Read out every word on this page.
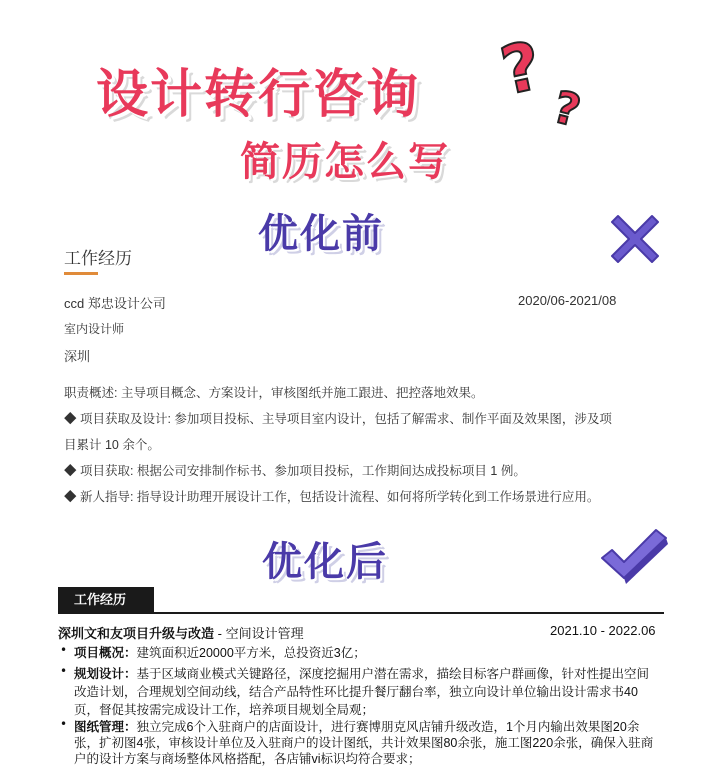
设计转行咨询
简历怎么写
? ?
优化前
工作经历
ccd 郑忠设计公司	2020/06-2021/08
室内设计师
深圳
职责概述: 主导项目概念、方案设计，审核图纸并施工跟进、把控落地效果。
◆ 项目获取及设计: 参加项目投标、主导项目室内设计，包括了解需求、制作平面及效果图，涉及项
目累计 10 余个。
◆ 项目获取: 根据公司安排制作标书、参加项目投标，工作期间达成投标项目 1 例。
◆ 新人指导: 指导设计助理开展设计工作，包括设计流程、如何将所学转化到工作场景进行应用。
优化后
工作经历
深圳文和友项目升级与改造 - 空间设计管理	2021.10 - 2022.06
• 项目概况：建筑面积近20000平方米，总投资近3亿；
• 规划设计：基于区域商业模式关键路径，深度挖掘用户潜在需求，描绘目标客户群画像，针对性提出空间
改造计划，合理规划空间动线，结合产品特性环比提升餐厅翻台率，独立向设计单位输出设计需求书40
页，督促其按需完成设计工作，培养项目规划全局观；
• 图纸管理：独立完成6个入驻商户的店面设计，进行赛博朋克风店铺升级改造，1个月内输出效果图20余
张，扩初图4张，审核设计单位及入驻商户的设计图纸，共计效果图80余张，施工图220余张，确保入驻商
户的设计方案与商场整体风格搭配，各店铺vi标识均符合要求；
